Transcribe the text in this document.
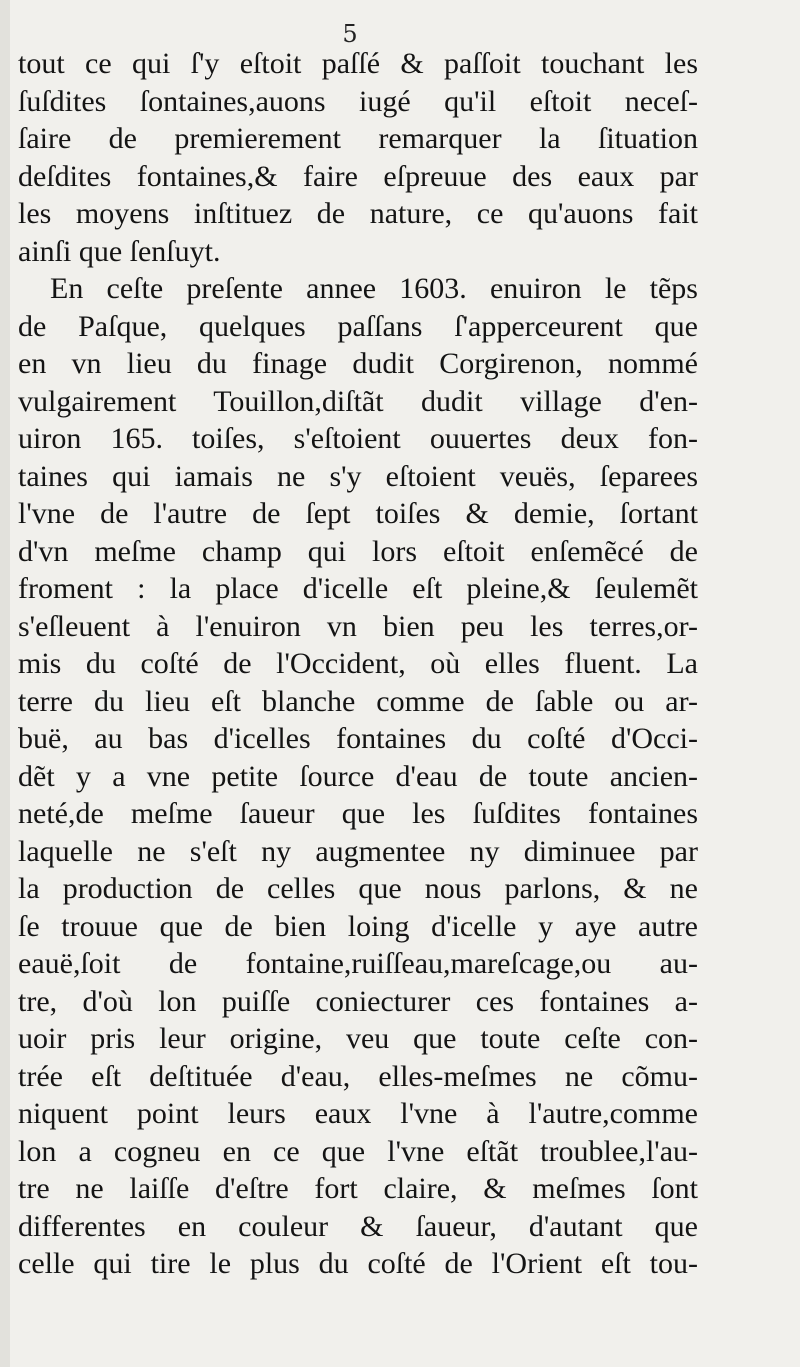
5
tout ce qui ſ'y eſtoit paſſé & paſſoit touchant les
ſuſdites ſontaines,auons iugé qu'il eſtoit neceſ-
ſaire de premierement remarquer la ſituation
deſdites fontaines,& faire eſpreuue des eaux par
les moyens inſtituez de nature, ce qu'auons fait
ainſi que ſenſuyt.
En ceſte preſente annee 1603. enuiron le tẽps
de Paſque, quelques paſſans ſ'apperceurent que
en vn lieu du finage dudit Corgirenon, nommé
vulgairement Touillon,diſtãt dudit village d'en-
uiron 165. toiſes, s'eſtoient ouuertes deux fon-
taines qui iamais ne s'y eſtoient veuës, ſeparees
l'vne de l'autre de ſept toiſes & demie, ſortant
d'vn meſme champ qui lors eſtoit enſemẽcé de
froment : la place d'icelle eſt pleine,& ſeulemẽt
s'eſleuent à l'enuiron vn bien peu les terres,or-
mis du coſté de l'Occident, où elles fluent. La
terre du lieu eſt blanche comme de ſable ou ar-
buë, au bas d'icelles fontaines du coſté d'Occi-
dẽt y a vne petite ſource d'eau de toute ancien-
neté,de meſme ſaueur que les ſuſdites fontaines
laquelle ne s'eſt ny augmentee ny diminuee par
la production de celles que nous parlons, & ne
ſe trouue que de bien loing d'icelle y aye autre
eauë,ſoit de fontaine,ruiſſeau,mareſcage,ou au-
tre, d'où lon puiſſe coniecturer ces fontaines a-
uoir pris leur origine, veu que toute ceſte con-
trée eſt deſtituée d'eau, elles-meſmes ne cõmu-
niquent point leurs eaux l'vne à l'autre,comme
lon a cogneu en ce que l'vne eſtãt troublee,l'au-
tre ne laiſſe d'eſtre fort claire, & meſmes ſont
differentes en couleur & ſaueur, d'autant que
celle qui tire le plus du coſté de l'Orient eſt tou-
